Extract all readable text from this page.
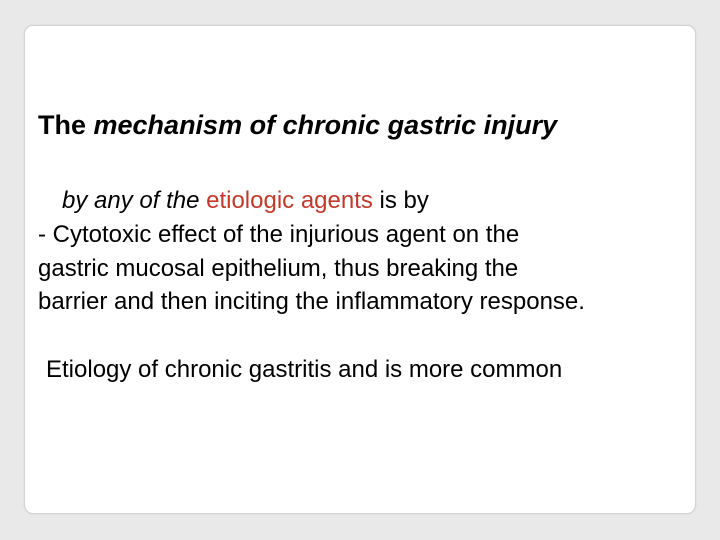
The mechanism of chronic gastric injury

by any of the etiologic agents is by

- Cytotoxic effect of the injurious agent on the

gastric mucosal epithelium, thus breaking the

barrier and then inciting the inflammatory response.

Etiology of chronic gastritis and is more common
